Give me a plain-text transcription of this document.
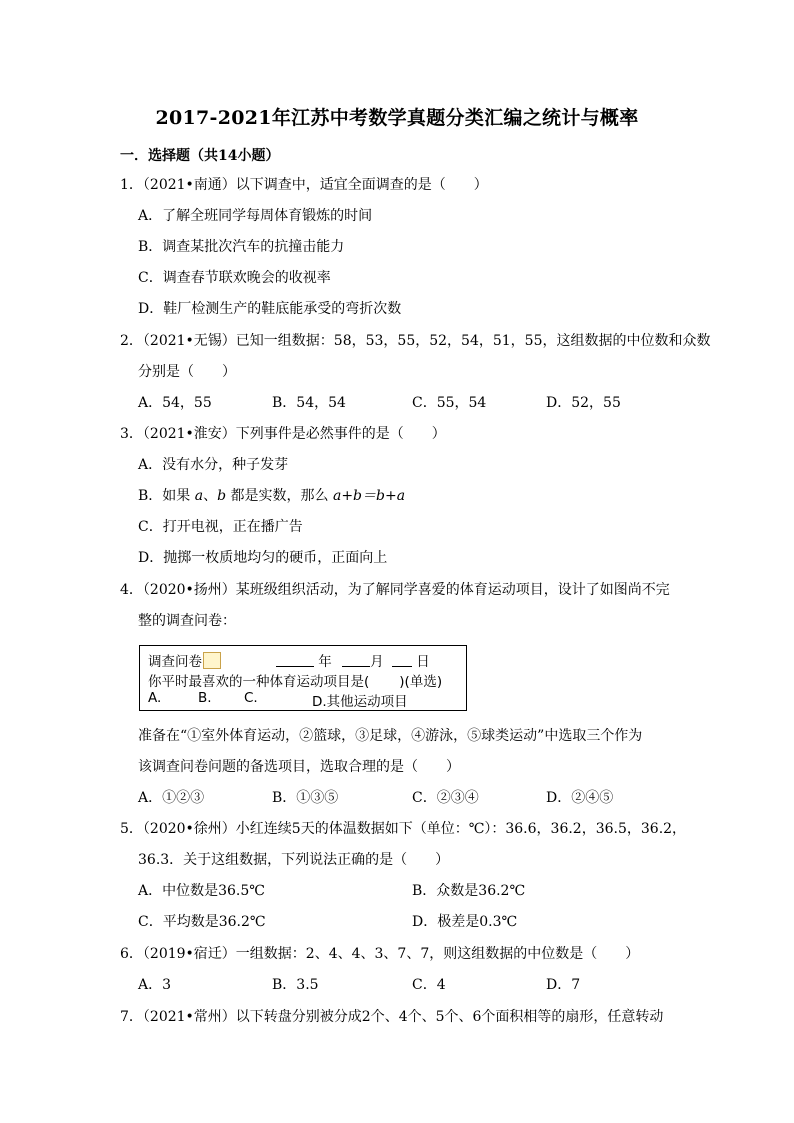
2017-2021年江苏中考数学真题分类汇编之统计与概率
一．选择题（共14小题）
1．（2021•南通）以下调查中，适宜全面调查的是（　　）
A．了解全班同学每周体育锻炼的时间
B．调查某批次汽车的抗撞击能力
C．调查春节联欢晚会的收视率
D．鞋厂检测生产的鞋底能承受的弯折次数
2．（2021•无锡）已知一组数据：58，53，55，52，54，51，55，这组数据的中位数和众数
分别是（　　）
A．54，55	B．54，54	C．55，54	D．52，55
3．（2021•淮安）下列事件是必然事件的是（　　）
A．没有水分，种子发芽
B．如果 a、b 都是实数，那么 a+b＝b+a
C．打开电视，正在播广告
D．抛掷一枚质地均匀的硬币，正面向上
4．（2020•扬州）某班级组织活动，为了解同学喜爱的体育运动项目，设计了如图尚不完
整的调查问卷：
调查问卷	年	月 日
你平时最喜欢的一种体育运动项目是( )(单选)
A.	B. C.	D.其他运动项目
准备在“①室外体育运动，②篮球，③足球，④游泳，⑤球类运动”中选取三个作为
该调查问卷问题的备选项目，选取合理的是（　　）
A．①②③	B．①③⑤	C．②③④	D．②④⑤
5．（2020•徐州）小红连续5天的体温数据如下（单位：℃）：36.6，36.2，36.5，36.2，
36.3．关于这组数据，下列说法正确的是（　　）
A．中位数是36.5℃	B．众数是36.2℃
C．平均数是36.2℃	D．极差是0.3℃
6．（2019•宿迁）一组数据：2、4、4、3、7、7，则这组数据的中位数是（　　）
A．3	B．3.5	C．4	D．7
7．（2021•常州）以下转盘分别被分成2个、4个、5个、6个面积相等的扇形，任意转动
